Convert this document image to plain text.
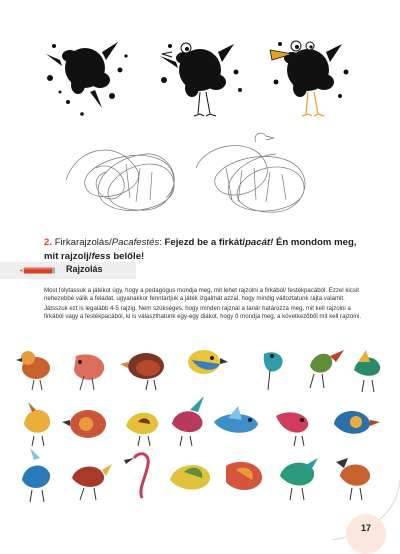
2. Firkarajzolás/Pacafestés: Fejezd be a firkát/pacát! Én mondom meg, mit rajzolj/fess belőle!
Rajzolás

Most folytassuk a játékot úgy, hogy a pedagógus mondja meg, mit lehet rajzolni a firkából/ festékpacából. Ezzel kicsit nehezebbé válik a feladat, ugyanakkor fenntartjuk a játék izgalmát azzal, hogy mindig változtatunk rajta valamit.

Játsszuk ezt is legalább 4-5 rajzig. Nem szükséges, hogy minden rajznál a tanár határozza meg, mit kell rajzolni a firkából vagy a festékpacából, ki is választhatunk egy-egy diákot, hogy ő mondja meg, a következőből mit kell rajzolni.

17
